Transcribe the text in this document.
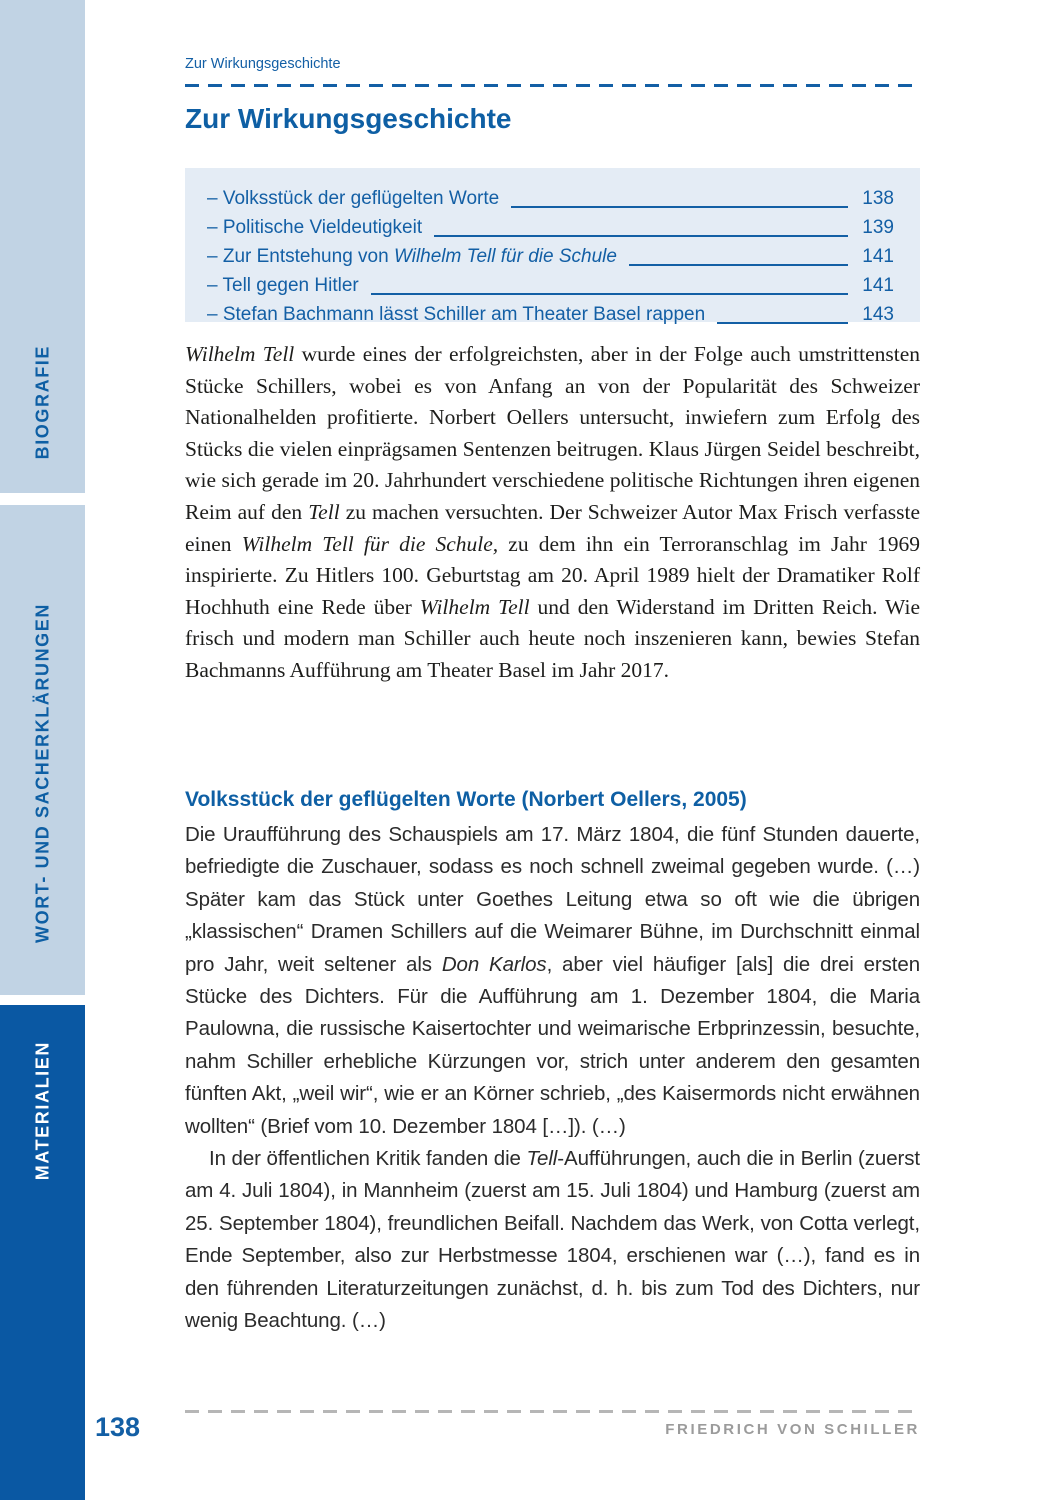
BIOGRAFIE
WORT- UND SACHERKLÄRUNGEN
MATERIALIEN
Zur Wirkungsgeschichte
Zur Wirkungsgeschichte
– Volksstück der geflügelten Worte	138
– Politische Vieldeutigkeit	139
– Zur Entstehung von Wilhelm Tell für die Schule	141
– Tell gegen Hitler	141
– Stefan Bachmann lässt Schiller am Theater Basel rappen	143

Wilhelm Tell wurde eines der erfolgreichsten, aber in der Folge auch umstrittensten Stücke Schillers, wobei es von Anfang an von der Popularität des Schweizer Nationalhelden profitierte. Norbert Oellers untersucht, inwiefern zum Erfolg des Stücks die vielen einprägsamen Sentenzen beitrugen. Klaus Jürgen Seidel beschreibt, wie sich gerade im 20. Jahrhundert verschiedene politische Richtungen ihren eigenen Reim auf den Tell zu machen versuchten. Der Schweizer Autor Max Frisch verfasste einen Wilhelm Tell für die Schule, zu dem ihn ein Terroranschlag im Jahr 1969 inspirierte. Zu Hitlers 100. Geburtstag am 20. April 1989 hielt der Dramatiker Rolf Hochhuth eine Rede über Wilhelm Tell und den Widerstand im Dritten Reich. Wie frisch und modern man Schiller auch heute noch inszenieren kann, bewies Stefan Bachmanns Aufführung am Theater Basel im Jahr 2017.

Volksstück der geflügelten Worte (Norbert Oellers, 2005)

Die Uraufführung des Schauspiels am 17. März 1804, die fünf Stunden dauerte, befriedigte die Zuschauer, sodass es noch schnell zweimal gegeben wurde. (…) Später kam das Stück unter Goethes Leitung etwa so oft wie die übrigen „klassischen“ Dramen Schillers auf die Weimarer Bühne, im Durchschnitt einmal pro Jahr, weit seltener als Don Karlos, aber viel häufiger [als] die drei ersten Stücke des Dichters. Für die Aufführung am 1. Dezember 1804, die Maria Paulowna, die russische Kaisertochter und weimarische Erbprinzessin, besuchte, nahm Schiller erhebliche Kürzungen vor, strich unter anderem den gesamten fünften Akt, „weil wir“, wie er an Körner schrieb, „des Kaisermords nicht erwähnen wollten“ (Brief vom 10. Dezember 1804 […]). (…)

In der öffentlichen Kritik fanden die Tell-Aufführungen, auch die in Berlin (zuerst am 4. Juli 1804), in Mannheim (zuerst am 15. Juli 1804) und Hamburg (zuerst am 25. September 1804), freundlichen Beifall. Nachdem das Werk, von Cotta verlegt, Ende September, also zur Herbstmesse 1804, erschienen war (…), fand es in den führenden Literaturzeitungen zunächst, d. h. bis zum Tod des Dichters, nur wenig Beachtung. (…)

138	FRIEDRICH VON SCHILLER
